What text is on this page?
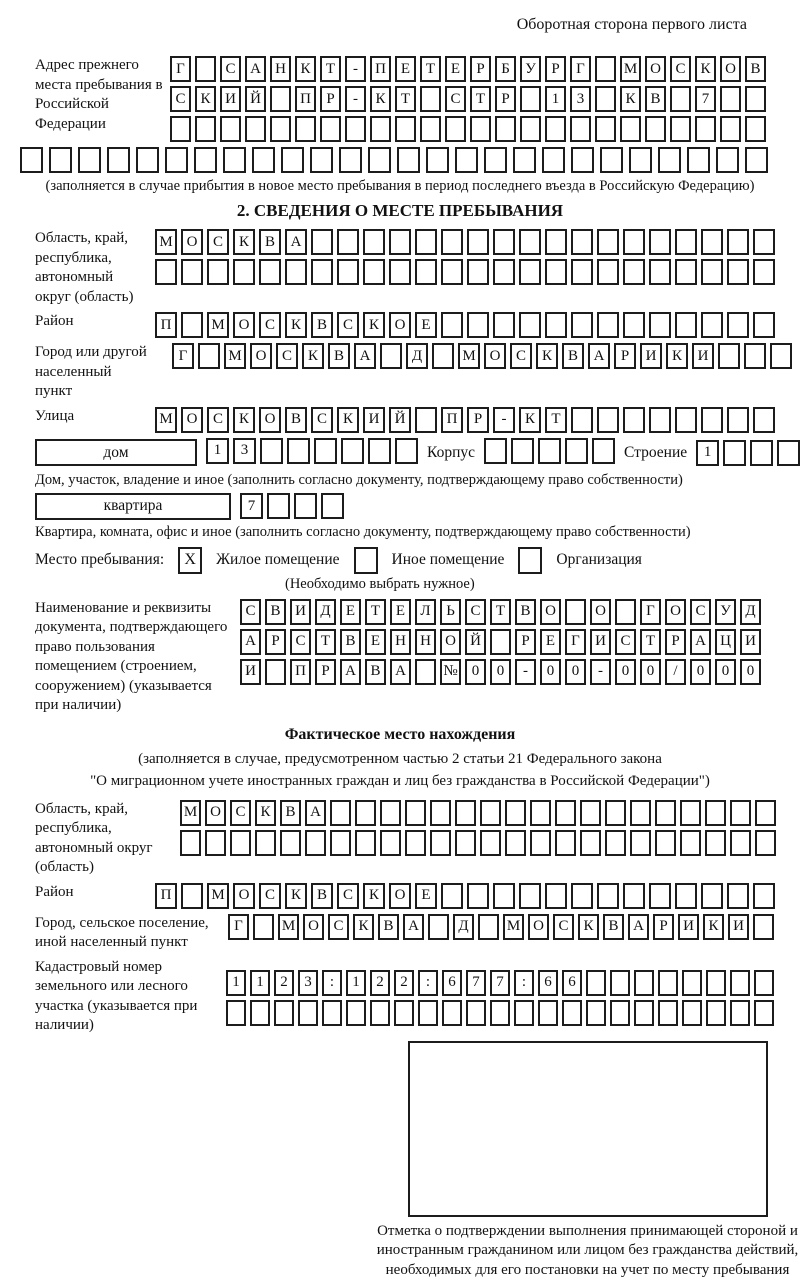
Оборотная сторона первого листа
Адрес прежнего места пребывания в Российской Федерации
Г	С А Н К	Т	-	П Е	Т	Е	Р	Б	У	Р	Г	М О С К О В
С К И Й	П	Р	-	К	Т	С	Т	Р	1	3	К В	7
(заполняется в случае прибытия в новое место пребывания в период последнего въезда в Российскую Федерацию)
2. СВЕДЕНИЯ О МЕСТЕ ПРЕБЫВАНИЯ
Область, край, республика, автономный округ (область)
М О	С	К	В	А
Район	П	М О	С	К	В	С	К	О	Е
Город или другой населенный пункт
Г	М О	С	К	В	А	Д	М О	С	К	В	А	Р	И	К	И
Улица	М О	С	К	О	В	С	К	И	Й	П	Р	-	К	Т
дом	1	3	Корпус	Строение	1
Дом, участок, владение и иное (заполнить согласно документу, подтверждающему право собственности)
квартира	7
Квартира, комната, офис и иное (заполнить согласно документу, подтверждающему право собственности)
Место пребывания:	X	Жилое помещение	Иное помещение	Организация
(Необходимо выбрать нужное)
Наименование и реквизиты документа, подтверждающего право пользования помещением (строением, сооружением) (указывается при наличии)
С В И Д	Е	Т	Е	Л	Ь	С	Т	В О	О	Г	О С У Д
А	Р	С	Т	В	Е	Н Н О Й	Р	Е	Г	И С	Т	Р	А Ц И
И	П	Р	А В А	№ 0	0	-	0	0	-	0	0	/	0	0	0
Фактическое место нахождения
(заполняется в случае, предусмотренном частью 2 статьи 21 Федерального закона
"О миграционном учете иностранных граждан и лиц без гражданства в Российской Федерации")
Область, край, республика, автономный округ (область)
М О С К В А
Район	П	М О	С	К	В	С	К	О	Е
Город, сельское поселение, иной населенный пункт
Г	М О С К В А	Д	М О С К В А	Р	И К И
Кадастровый номер земельного или лесного участка (указывается при наличии)
1	1	2	3	:	1	2	2	:	6	7	7	:	6	6
Отметка о подтверждении выполнения принимающей стороной и иностранным гражданином или лицом без гражданства действий, необходимых для его постановки на учет по месту пребывания
